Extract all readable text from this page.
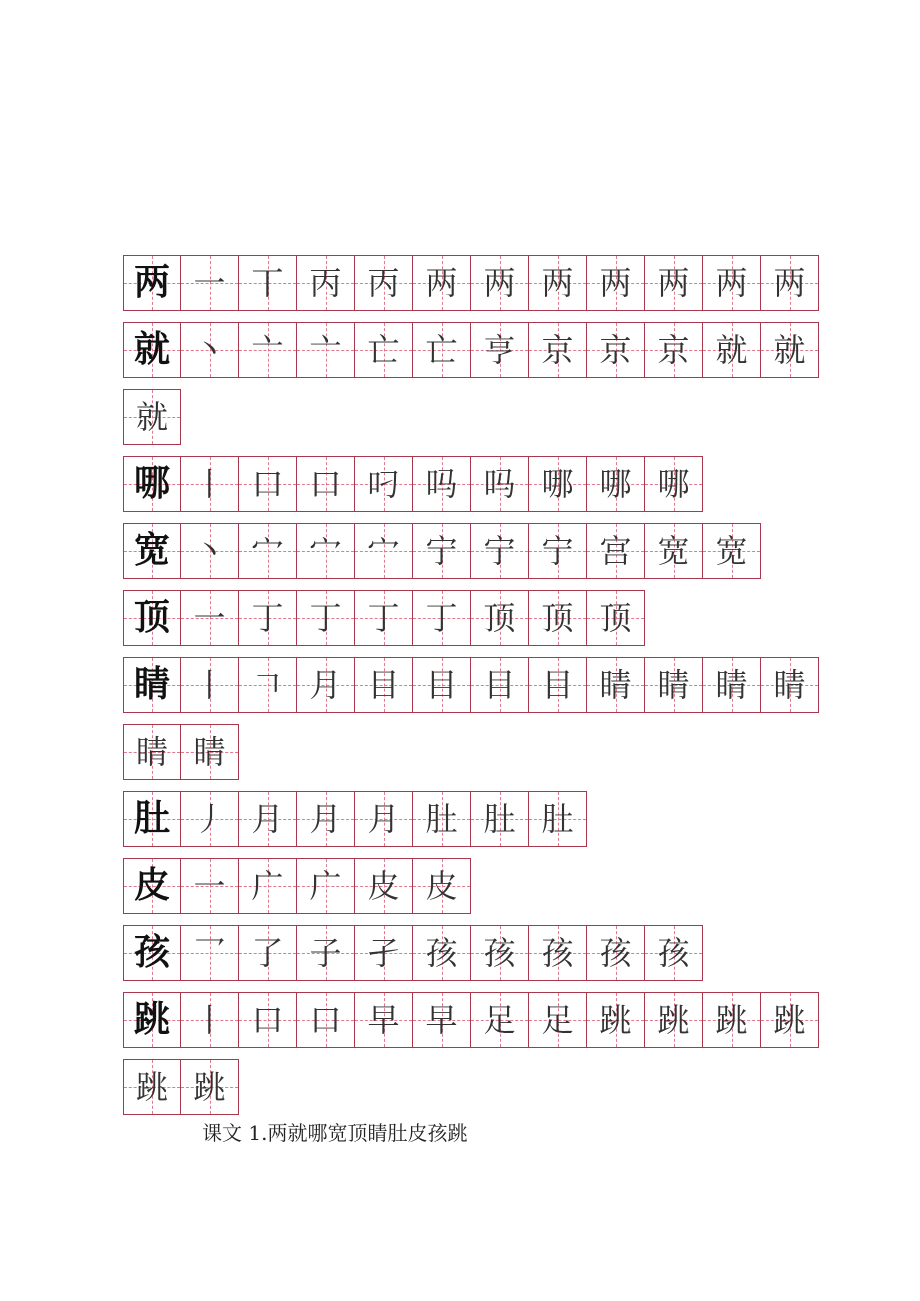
两 一 丅 丙 丙 两 两 两 两 两 两 两
就 丶 亠 亠 亡 亡 亨 京 京 京 就 就
就
哪 丨 口 口 叼 吗 吗 哪 哪 哪
宽 丶 宀 宀 宀 宁 宁 宁 宫 宽 宽
顶 一 丁 丁 丁 丁 顶 顶 顶
睛 丨 𠃍 月 目 目 目 目 睛 睛 睛 睛
睛 睛
肚 丿 月 月 月 肚 肚 肚
皮 一 广 广 皮 皮
孩 乛 了 子 孑 孩 孩 孩 孩 孩
跳 丨 口 口 早 早 足 足 跳 跳 跳 跳
跳 跳
课文 1.两就哪宽顶睛肚皮孩跳
